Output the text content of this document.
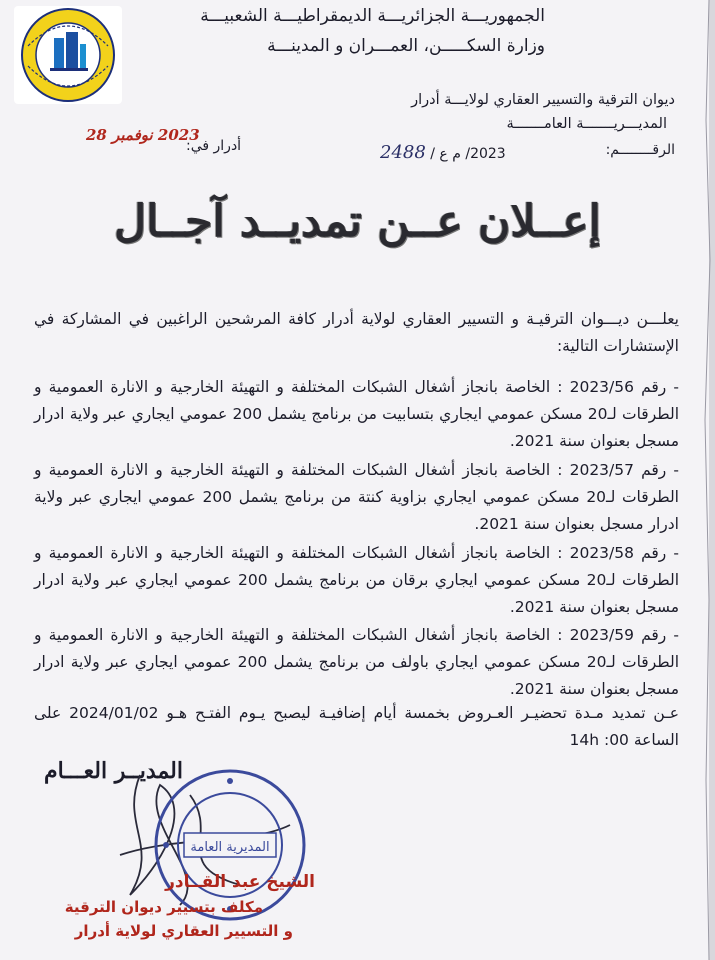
الجمهوريـــة الجزائريـــة الديمقراطيـــة الشعبيـــة
وزارة السكـــــن، العمـــران و المدينـــة
ديوان الترقية والتسيير العقاري لولايـــة أدرار
المديـــريـــــــة العامـــــــة
الرقــــــــم:
2023/ م ع / 2488
أدرار في:
2023 نوفمبر 28
إعــلان عــن تمديــد آجــال
يعلـــن ديـــوان الترقيـة و التسيير العقاري لولاية أدرار كافة المرشحين الراغبين في المشاركة في الإستشارات التالية:
- رقم 2023/56 : الخاصة بانجاز أشغال الشبكات المختلفة و التهيئة الخارجية و الانارة العمومية و الطرقات لـ20 مسكن عمومي ايجاري بتسابيت من برنامج يشمل 200 عمومي ايجاري عبر ولاية ادرار مسجل بعنوان سنة 2021.
- رقم 2023/57 : الخاصة بانجاز أشغال الشبكات المختلفة و التهيئة الخارجية و الانارة العمومية و الطرقات لـ20 مسكن عمومي ايجاري بزاوية كنتة من برنامج يشمل 200 عمومي ايجاري عبر ولاية ادرار مسجل بعنوان سنة 2021.
- رقم 2023/58 : الخاصة بانجاز أشغال الشبكات المختلفة و التهيئة الخارجية و الانارة العمومية و الطرقات لـ20 مسكن عمومي ايجاري برقان من برنامج يشمل 200 عمومي ايجاري عبر ولاية ادرار مسجل بعنوان سنة 2021.
- رقم 2023/59 : الخاصة بانجاز أشغال الشبكات المختلفة و التهيئة الخارجية و الانارة العمومية و الطرقات لـ20 مسكن عمومي ايجاري باولف من برنامج يشمل 200 عمومي ايجاري عبر ولاية ادرار مسجل بعنوان سنة 2021.
عـن تمديد مـدة تحضيـر العـروض بخمسة أيام إضافيـة ليصبح يـوم الفتـح هـو 2024/01/02 على الساعة 00: 14h
المديــر العـــام
المديرية العامة
الشيخ عبد القــادر
مكلف بتسيير ديوان الترقية
و التسيير العقاري لولاية أدرار
